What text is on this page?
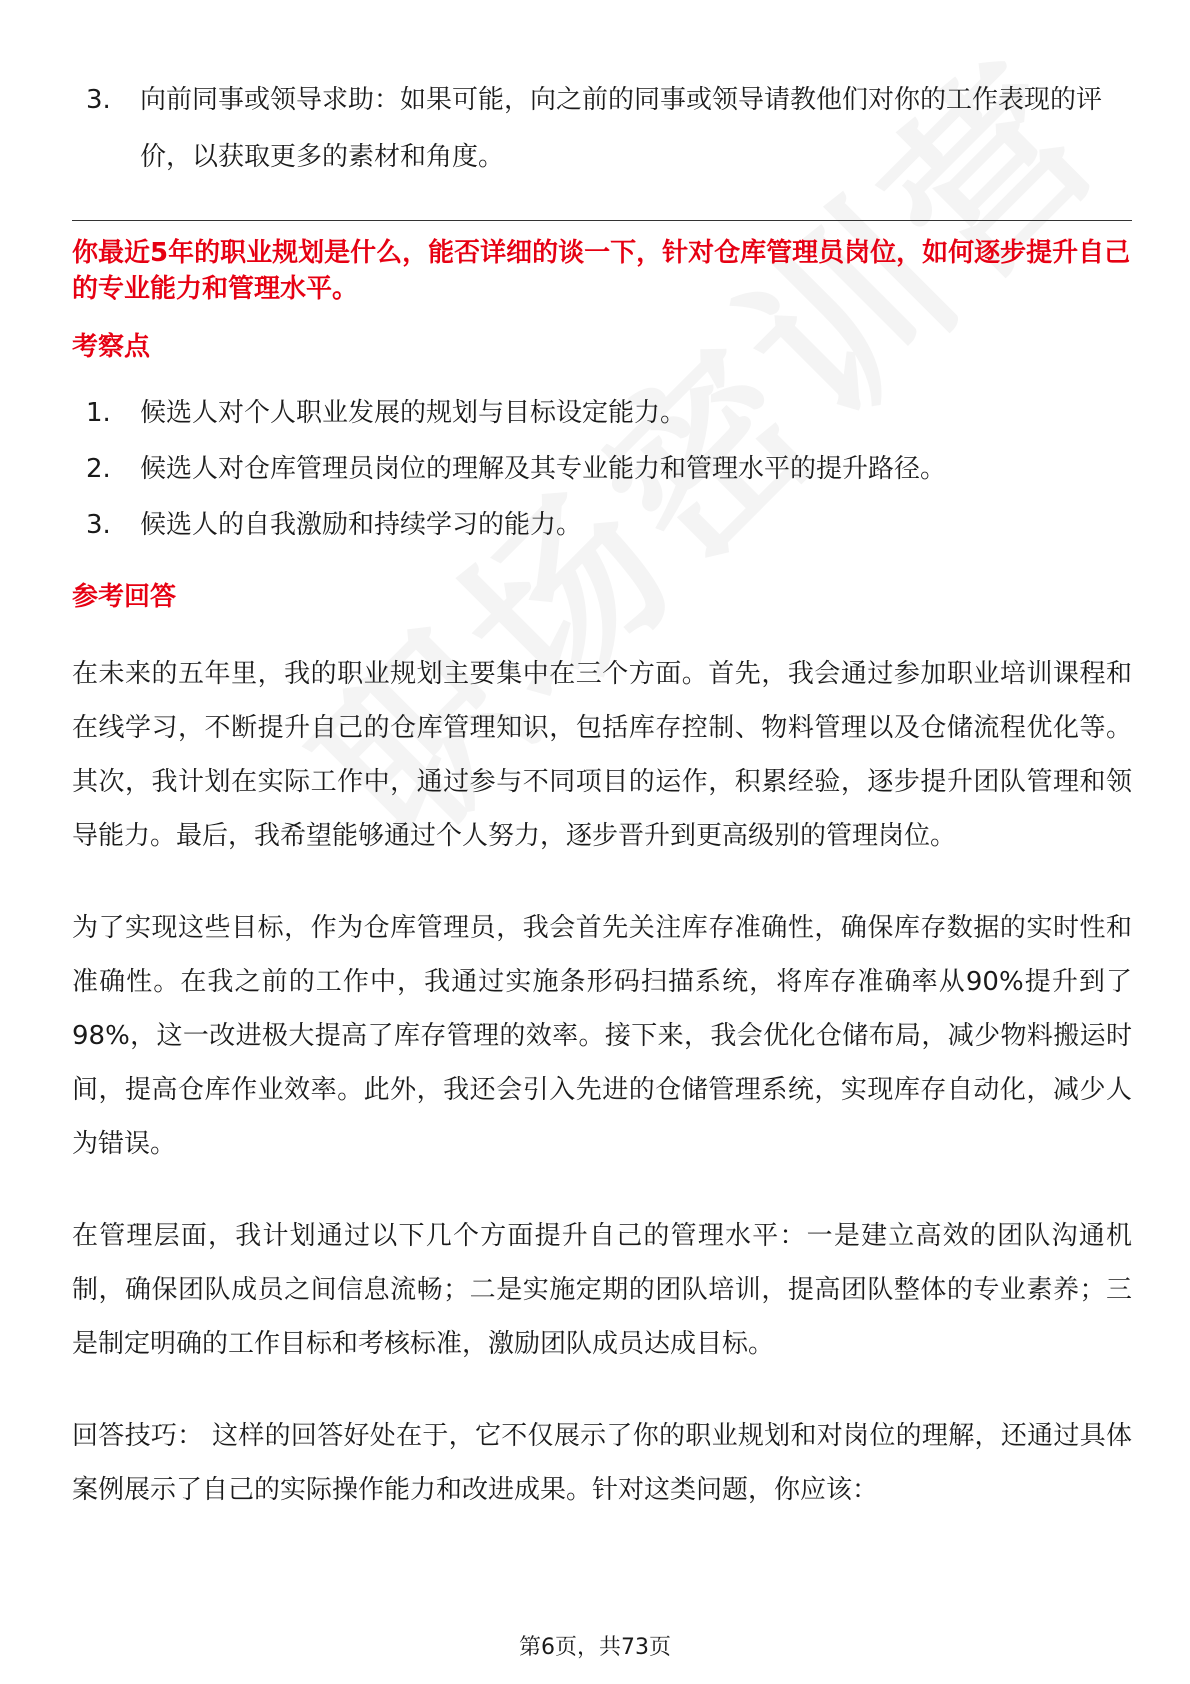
3.	向前同事或领导求助：如果可能，向之前的同事或领导请教他们对你的工作表现的评价，以获取更多的素材和角度。
你最近5年的职业规划是什么，能否详细的谈一下，针对仓库管理员岗位，如何逐步提升自己的专业能力和管理水平。
考察点
1.	候选人对个人职业发展的规划与目标设定能力。
2.	候选人对仓库管理员岗位的理解及其专业能力和管理水平的提升路径。
3.	候选人的自我激励和持续学习的能力。
参考回答

在未来的五年里，我的职业规划主要集中在三个方面。首先，我会通过参加职业培训课程和在线学习，不断提升自己的仓库管理知识，包括库存控制、物料管理以及仓储流程优化等。其次，我计划在实际工作中，通过参与不同项目的运作，积累经验，逐步提升团队管理和领导能力。最后，我希望能够通过个人努力，逐步晋升到更高级别的管理岗位。

为了实现这些目标，作为仓库管理员，我会首先关注库存准确性，确保库存数据的实时性和准确性。在我之前的工作中，我通过实施条形码扫描系统，将库存准确率从90%提升到了98%，这一改进极大提高了库存管理的效率。接下来，我会优化仓储布局，减少物料搬运时间，提高仓库作业效率。此外，我还会引入先进的仓储管理系统，实现库存自动化，减少人为错误。

在管理层面，我计划通过以下几个方面提升自己的管理水平：一是建立高效的团队沟通机制，确保团队成员之间信息流畅；二是实施定期的团队培训，提高团队整体的专业素养；三是制定明确的工作目标和考核标准，激励团队成员达成目标。

回答技巧： 这样的回答好处在于，它不仅展示了你的职业规划和对岗位的理解，还通过具体案例展示了自己的实际操作能力和改进成果。针对这类问题，你应该：

第6页，共73页
